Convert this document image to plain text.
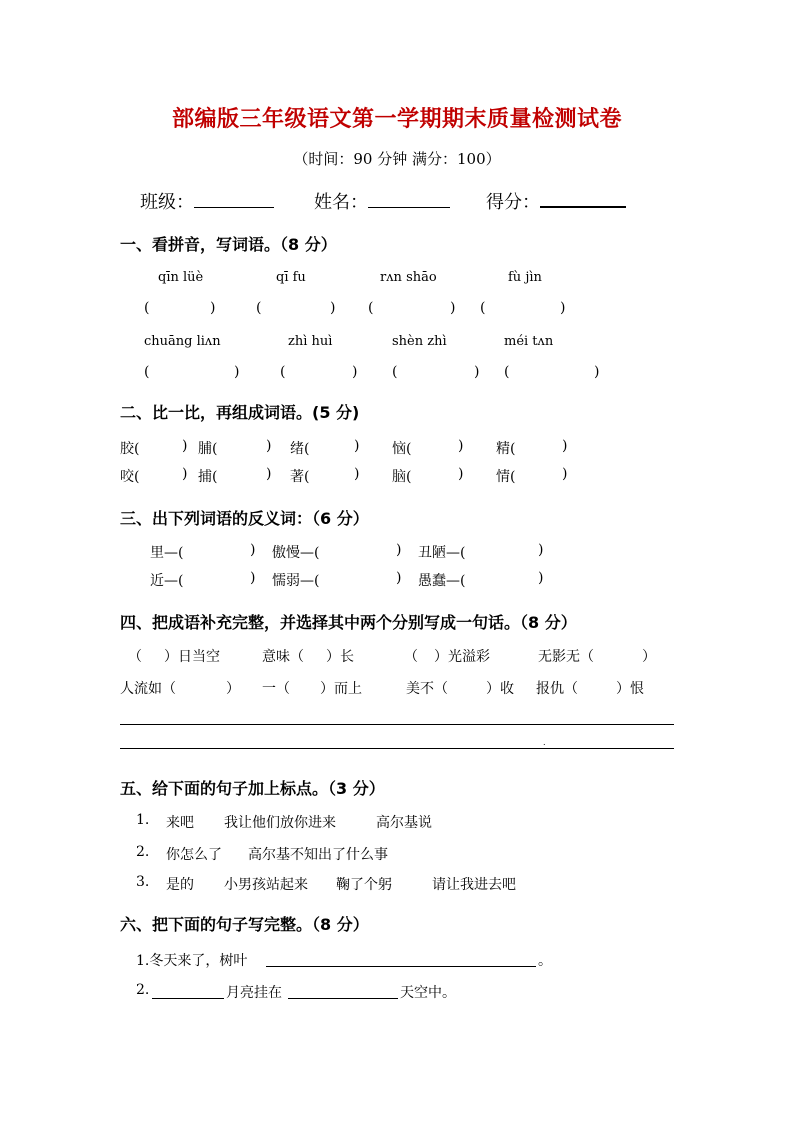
部编版三年级语文第一学期期末质量检测试卷
（时间：90 分钟 满分：100）
班级：	姓名：	得分：
一、看拼音，写词语。（8 分）
qīn lüè	qī fu	rʌn shāo	fù jìn
(	)	(	) (	) (	)
chuāng liʌn	zhì huì	shèn zhì	méi tʌn
(	)	(	) (	) (	)
二、比一比，再组成词语。(5 分)
胶(	) 脯(	) 绪(	) 恼(	) 精(	)
咬(	) 捕(	) 著(	) 脑(	) 情(	)
三、出下列词语的反义词：（6 分）
里—(	) 傲慢—(	) 丑陋—(	)
近—(	) 懦弱—(	) 愚蠢—(	)
四、把成语补充完整，并选择其中两个分别写成一句话。（8 分）
（ ）日当空	意味（ ）长	（ ）光溢彩	无影无（	）
人流如（	） 一（ ）而上	美不（	）收 报仇（	）恨
.
五、给下面的句子加上标点。（3 分）
1. 来吧 我让他们放你进来	高尔基说
2. 你怎么了 高尔基不知出了什么事
3. 是的 小男孩站起来 鞠了个躬	请让我进去吧
六、把下面的句子写完整。（8 分）
1.冬天来了，树叶	。
2.	月亮挂在	天空中。
